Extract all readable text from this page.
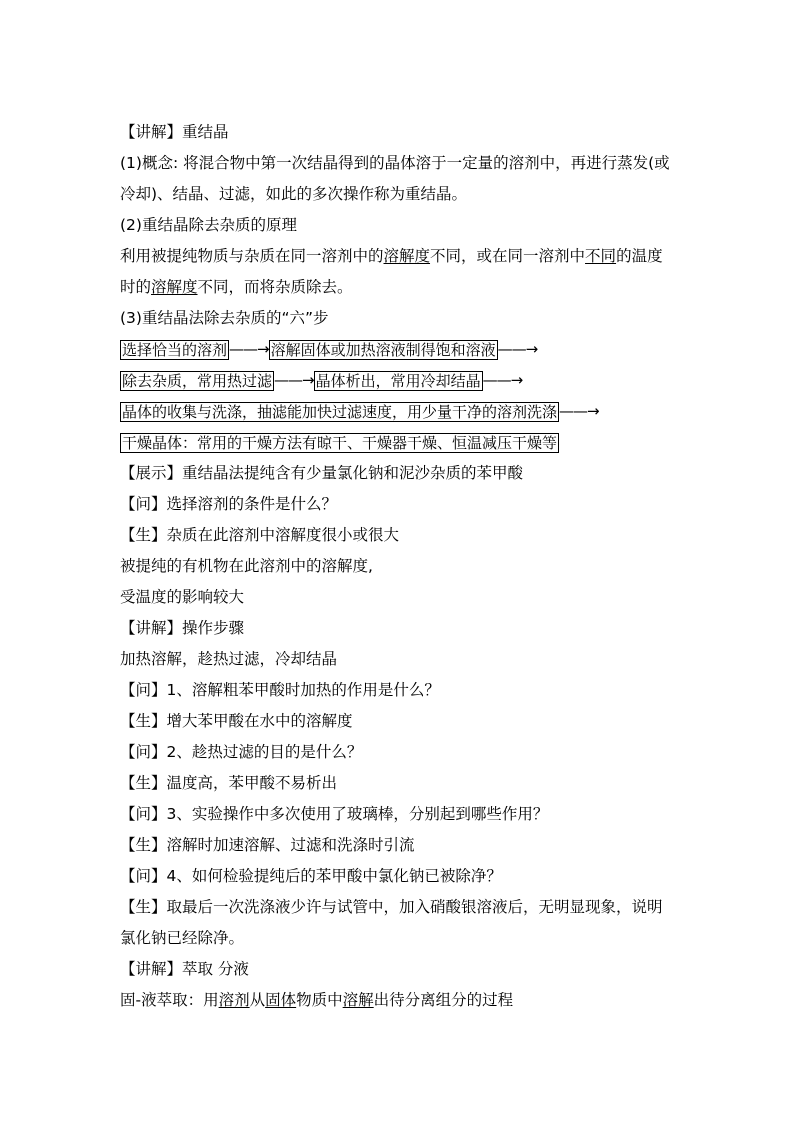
【讲解】重结晶
(1)概念: 将混合物中第一次结晶得到的晶体溶于一定量的溶剂中，再进行蒸发(或
冷却)、结晶、过滤，如此的多次操作称为重结晶。
(2)重结晶除去杂质的原理
利用被提纯物质与杂质在同一溶剂中的溶解度不同，或在同一溶剂中不同的温度
时的溶解度不同，而将杂质除去。
(3)重结晶法除去杂质的“六”步
选择恰当的溶剂 ——→ 溶解固体或加热溶液制得饱和溶液 ——→
除去杂质，常用热过滤 ——→ 晶体析出，常用冷却结晶 ——→
晶体的收集与洗涤，抽滤能加快过滤速度，用少量干净的溶剂洗涤 ——→
干燥晶体：常用的干燥方法有晾干、干燥器干燥、恒温减压干燥等
【展示】重结晶法提纯含有少量氯化钠和泥沙杂质的苯甲酸
【问】选择溶剂的条件是什么？
【生】杂质在此溶剂中溶解度很小或很大
被提纯的有机物在此溶剂中的溶解度,
受温度的影响较大
【讲解】操作步骤
加热溶解，趁热过滤，冷却结晶
【问】1、溶解粗苯甲酸时加热的作用是什么？
【生】增大苯甲酸在水中的溶解度
【问】2、趁热过滤的目的是什么？
【生】温度高，苯甲酸不易析出
【问】3、实验操作中多次使用了玻璃棒，分别起到哪些作用？
【生】溶解时加速溶解、过滤和洗涤时引流
【问】4、如何检验提纯后的苯甲酸中氯化钠已被除净？
【生】取最后一次洗涤液少许与试管中，加入硝酸银溶液后，无明显现象，说明
氯化钠已经除净。
【讲解】萃取 分液
固-液萃取：用溶剂从固体物质中溶解出待分离组分的过程
